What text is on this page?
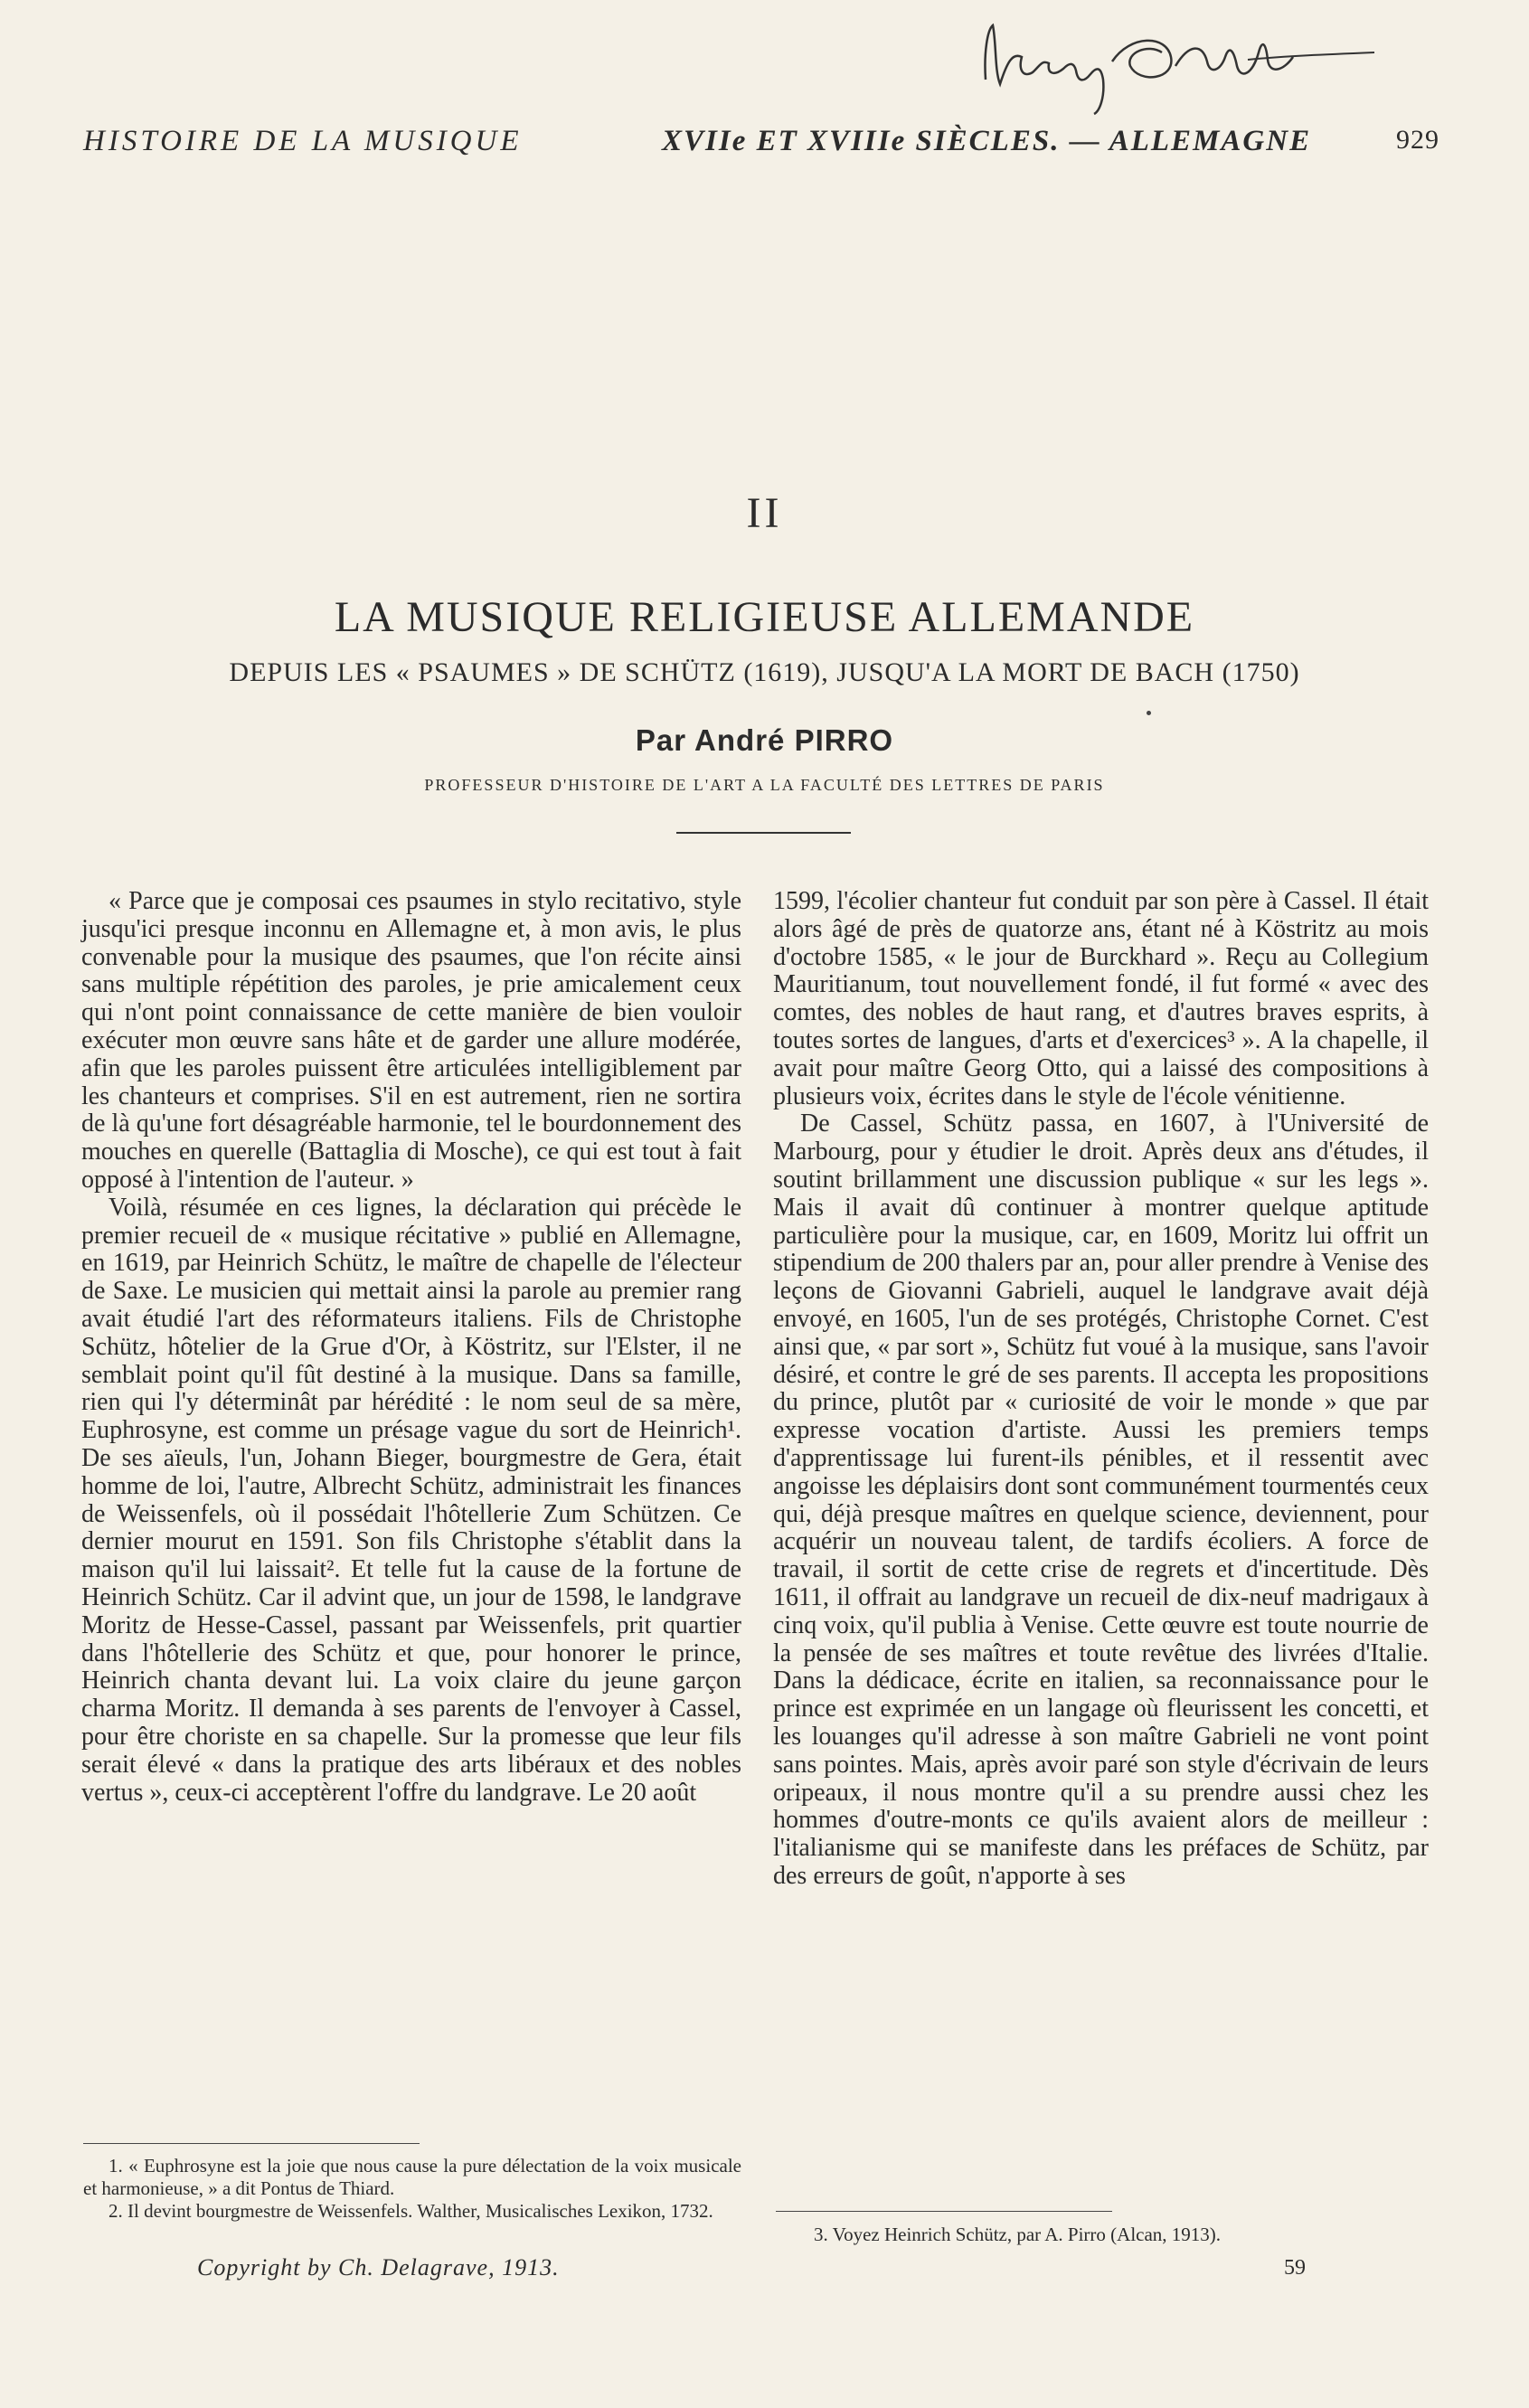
HISTOIRE DE LA MUSIQUE	XVIIe ET XVIIIe SIÈCLES. — ALLEMAGNE	929
II
LA MUSIQUE RELIGIEUSE ALLEMANDE
DEPUIS LES « PSAUMES » DE SCHÜTZ (1619), JUSQU'A LA MORT DE BACH (1750)
Par André PIRRO
PROFESSEUR D'HISTOIRE DE L'ART A LA FACULTÉ DES LETTRES DE PARIS

« Parce que je composai ces psaumes in stylo recitativo, style jusqu'ici presque inconnu en Allemagne et, à mon avis, le plus convenable pour la musique des psaumes, que l'on récite ainsi sans multiple répétition des paroles, je prie amicalement ceux qui n'ont point connaissance de cette manière de bien vouloir exécuter mon œuvre sans hâte et de garder une allure modérée, afin que les paroles puissent être articulées intelligiblement par les chanteurs et comprises. S'il en est autrement, rien ne sortira de là qu'une fort désagréable harmonie, tel le bourdonnement des mouches en querelle (Battaglia di Mosche), ce qui est tout à fait opposé à l'intention de l'auteur. »

Voilà, résumée en ces lignes, la déclaration qui précède le premier recueil de « musique récitative » publié en Allemagne, en 1619, par Heinrich Schütz, le maître de chapelle de l'électeur de Saxe. Le musicien qui mettait ainsi la parole au premier rang avait étudié l'art des réformateurs italiens. Fils de Christophe Schütz, hôtelier de la Grue d'Or, à Köstritz, sur l'Elster, il ne semblait point qu'il fût destiné à la musique. Dans sa famille, rien qui l'y déterminât par hérédité : le nom seul de sa mère, Euphrosyne, est comme un présage vague du sort de Heinrich¹. De ses aïeuls, l'un, Johann Bieger, bourgmestre de Gera, était homme de loi, l'autre, Albrecht Schütz, administrait les finances de Weissenfels, où il possédait l'hôtellerie Zum Schützen. Ce dernier mourut en 1591. Son fils Christophe s'établit dans la maison qu'il lui laissait². Et telle fut la cause de la fortune de Heinrich Schütz. Car il advint que, un jour de 1598, le landgrave Moritz de Hesse-Cassel, passant par Weissenfels, prit quartier dans l'hôtellerie des Schütz et que, pour honorer le prince, Heinrich chanta devant lui. La voix claire du jeune garçon charma Moritz. Il demanda à ses parents de l'envoyer à Cassel, pour être choriste en sa chapelle. Sur la promesse que leur fils serait élevé « dans la pratique des arts libéraux et des nobles vertus », ceux-ci acceptèrent l'offre du landgrave. Le 20 août

1599, l'écolier chanteur fut conduit par son père à Cassel. Il était alors âgé de près de quatorze ans, étant né à Köstritz au mois d'octobre 1585, « le jour de Burckhard ». Reçu au Collegium Mauritianum, tout nouvellement fondé, il fut formé « avec des comtes, des nobles de haut rang, et d'autres braves esprits, à toutes sortes de langues, d'arts et d'exercices³ ». A la chapelle, il avait pour maître Georg Otto, qui a laissé des compositions à plusieurs voix, écrites dans le style de l'école vénitienne.

De Cassel, Schütz passa, en 1607, à l'Université de Marbourg, pour y étudier le droit. Après deux ans d'études, il soutint brillamment une discussion publique « sur les legs ». Mais il avait dû continuer à montrer quelque aptitude particulière pour la musique, car, en 1609, Moritz lui offrit un stipendium de 200 thalers par an, pour aller prendre à Venise des leçons de Giovanni Gabrieli, auquel le landgrave avait déjà envoyé, en 1605, l'un de ses protégés, Christophe Cornet. C'est ainsi que, « par sort », Schütz fut voué à la musique, sans l'avoir désiré, et contre le gré de ses parents. Il accepta les propositions du prince, plutôt par « curiosité de voir le monde » que par expresse vocation d'artiste. Aussi les premiers temps d'apprentissage lui furent-ils pénibles, et il ressentit avec angoisse les déplaisirs dont sont communément tourmentés ceux qui, déjà presque maîtres en quelque science, deviennent, pour acquérir un nouveau talent, de tardifs écoliers. A force de travail, il sortit de cette crise de regrets et d'incertitude. Dès 1611, il offrait au landgrave un recueil de dix-neuf madrigaux à cinq voix, qu'il publia à Venise. Cette œuvre est toute nourrie de la pensée de ses maîtres et toute revêtue des livrées d'Italie. Dans la dédicace, écrite en italien, sa reconnaissance pour le prince est exprimée en un langage où fleurissent les concetti, et les louanges qu'il adresse à son maître Gabrieli ne vont point sans pointes. Mais, après avoir paré son style d'écrivain de leurs oripeaux, il nous montre qu'il a su prendre aussi chez les hommes d'outre-monts ce qu'ils avaient alors de meilleur : l'italianisme qui se manifeste dans les préfaces de Schütz, par des erreurs de goût, n'apporte à ses

1. « Euphrosyne est la joie que nous cause la pure délectation de la voix musicale et harmonieuse, » a dit Pontus de Thiard.

2. Il devint bourgmestre de Weissenfels. Walther, Musicalisches Lexikon, 1732.

3. Voyez Heinrich Schütz, par A. Pirro (Alcan, 1913).

Copyright by Ch. Delagrave, 1913.	59
